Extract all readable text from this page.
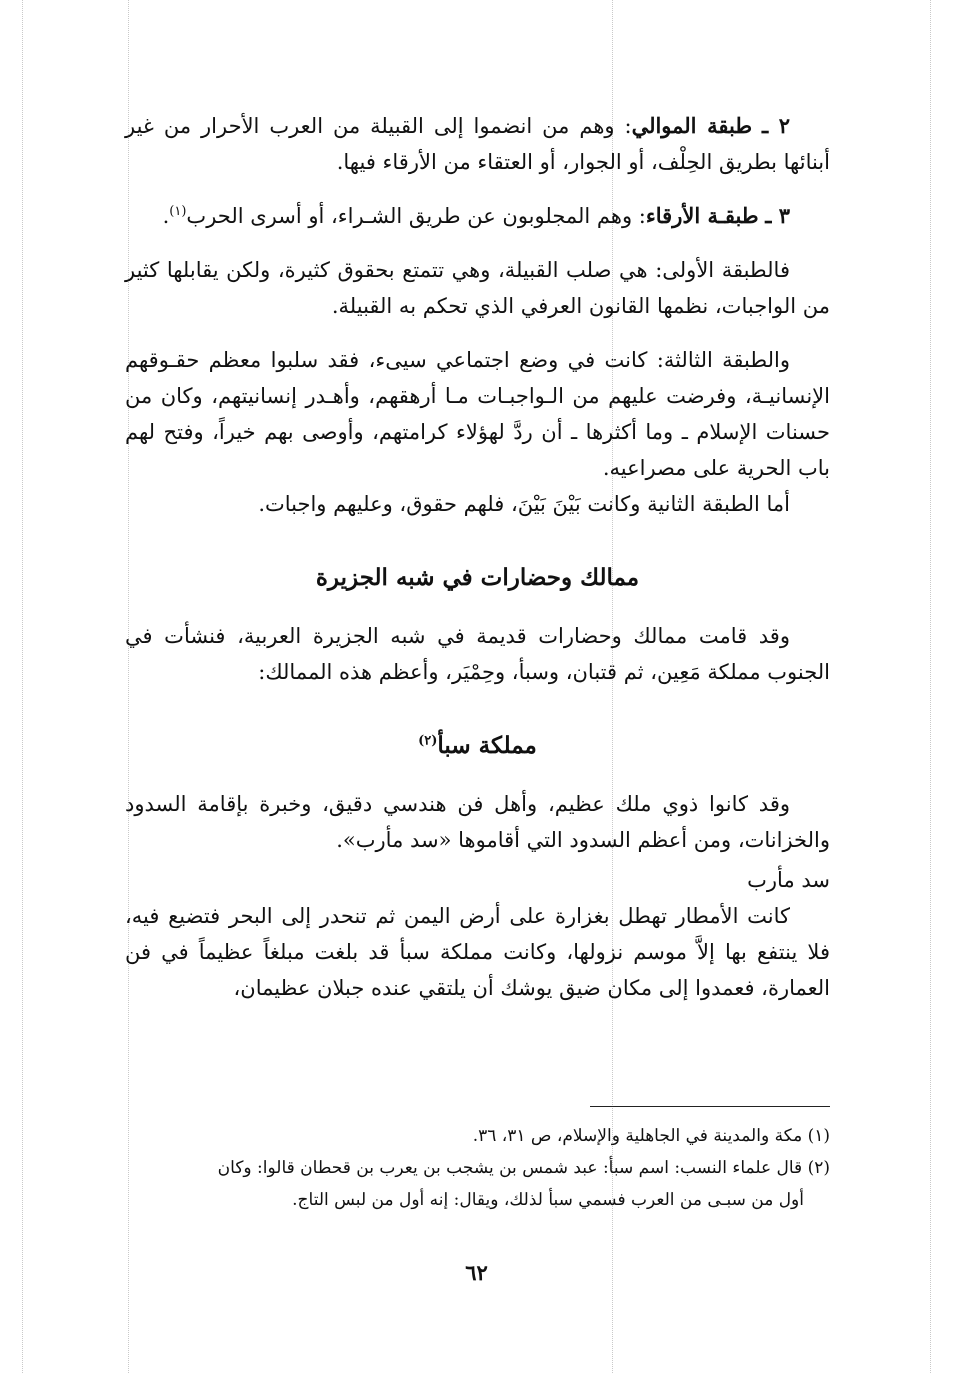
٢ ـ طبقة الموالي: وهم من انضموا إلى القبيلة من العرب الأحرار من غير أبنائها بطريق الحِلْف، أو الجوار، أو العتقاء من الأرقاء فيها.

٣ ـ طبقـة الأرقاء: وهم المجلوبون عن طريق الشـراء، أو أسرى الحرب$^{(١)}$.

فالطبقة الأولى: هي صلب القبيلة، وهي تتمتع بحقوق كثيرة، ولكن يقابلها كثير من الواجبات، نظمها القانون العرفي الذي تحكم به القبيلة.

والطبقة الثالثة: كانت في وضع اجتماعي سيىء، فقد سلبوا معظم حقـوقهم الإنسانيـة، وفرضت عليهم من الـواجبـات مـا أرهقهم، وأهـدر إنسانيتهم، وكان من حسنات الإسلام ـ وما أكثرها ـ أن ردَّ لهؤلاء كرامتهم، وأوصى بهم خيراً، وفتح لهم باب الحرية على مصراعيه.

أما الطبقة الثانية وكانت بَيْنَ بَيْنَ، فلهم حقوق، وعليهم واجبات.

ممالك وحضارات في شبه الجزيرة

وقد قامت ممالك وحضارات قديمة في شبه الجزيرة العربية، فنشأت في الجنوب مملكة مَعِين، ثم قتبان، وسبأ، وحِمْيَر، وأعظم هذه الممالك:

مملكة سبأ$^{(٢)}$

وقد كانوا ذوي ملك عظيم، وأهل فن هندسي دقيق، وخبرة بإقامة السدود والخزانات، ومن أعظم السدود التي أقاموها «سد مأرب».

سد مأرب

كانت الأمطار تهطل بغزارة على أرض اليمن ثم تنحدر إلى البحر فتضيع فيه، فلا ينتفع بها إلاَّ موسم نزولها، وكانت مملكة سبأ قد بلغت مبلغاً عظيماً في فن العمارة، فعمدوا إلى مكان ضيق يوشك أن يلتقي عنده جبلان عظيمان،

(١) مكة والمدينة في الجاهلية والإسلام، ص ٣١، ٣٦.

(٢) قال علماء النسب: اسم سبأ: عبد شمس بن يشجب بن يعرب بن قحطان قالوا: وكان

أول من سبـى من العرب فسمي سبأ لذلك، ويقال: إنه أول من لبس التاج.

٦٢
